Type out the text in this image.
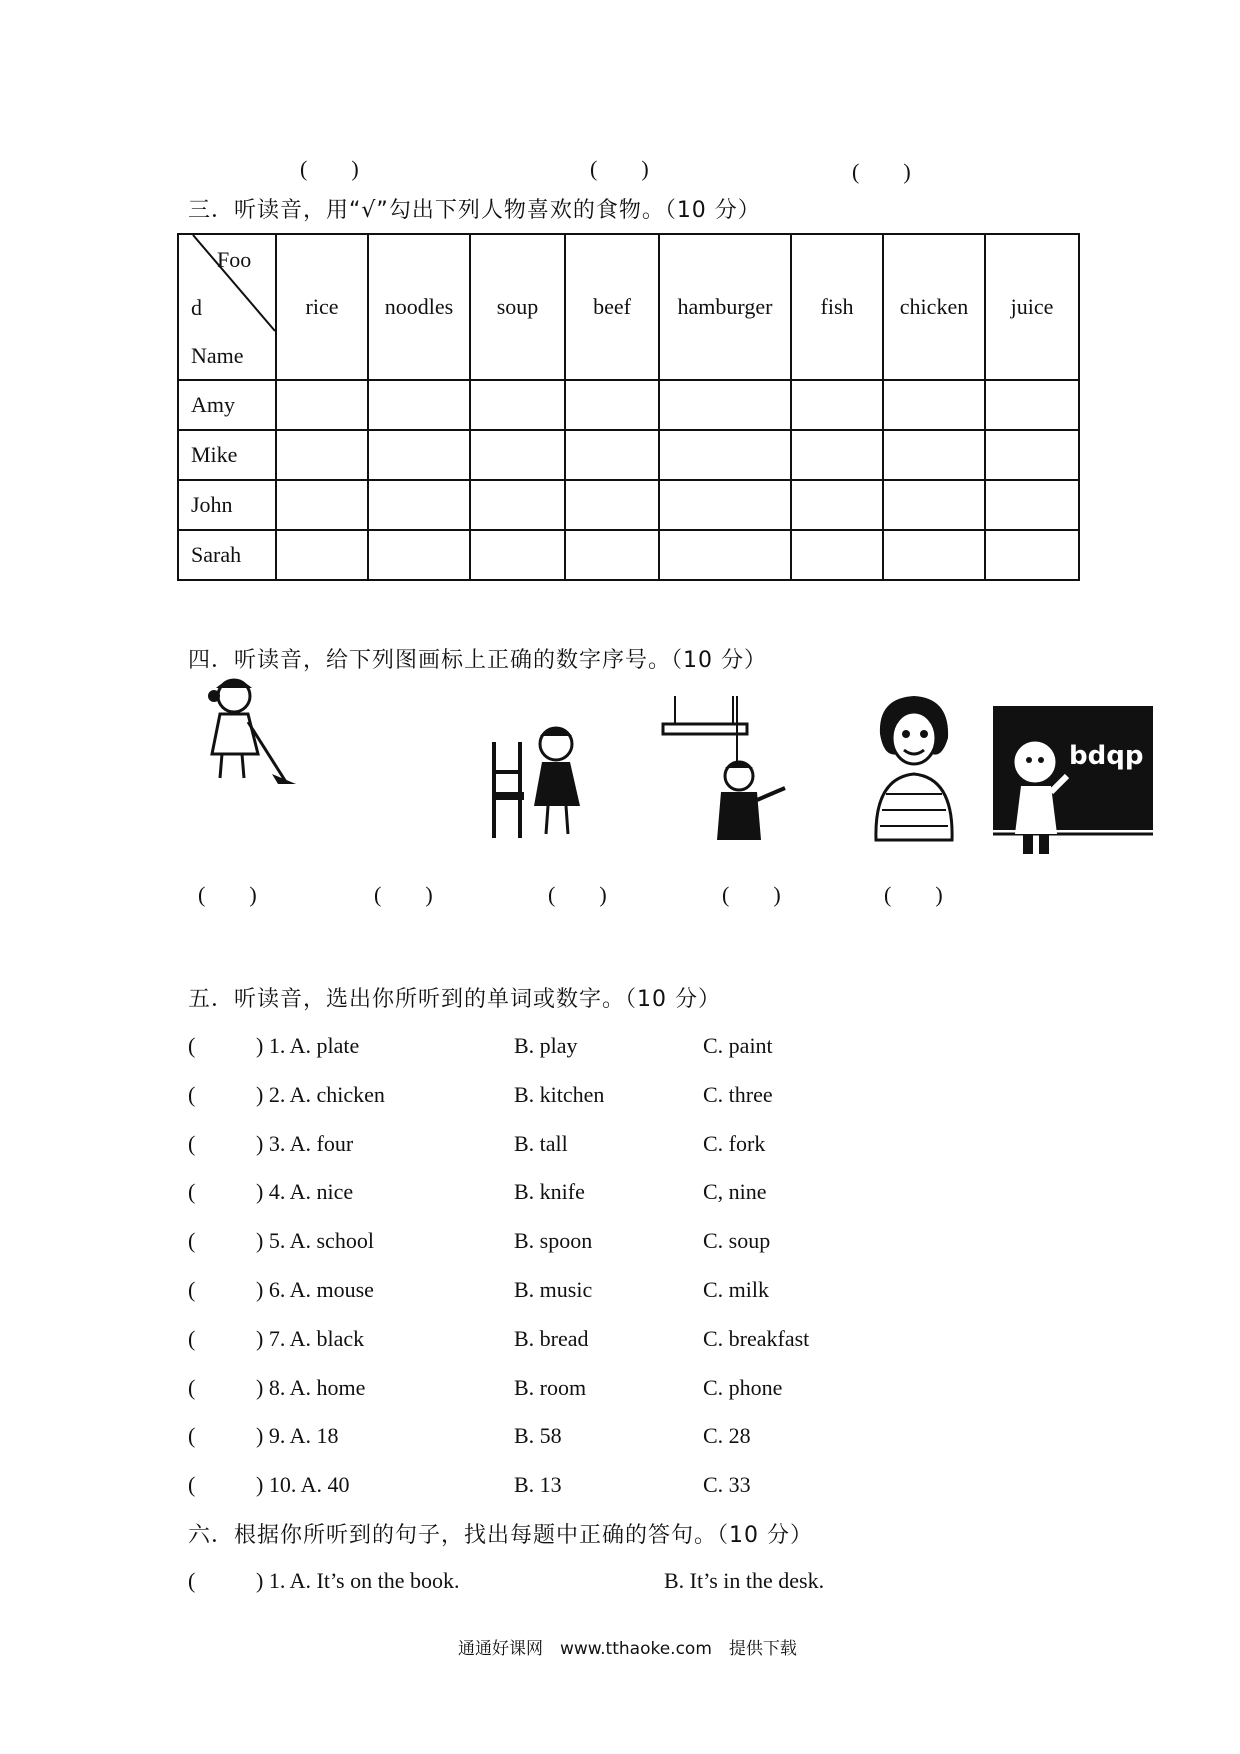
(　　)	(　　)	(　　)
三．听读音，用“√”勾出下列人物喜欢的食物。（10 分）
Foo
d
Name	rice	noodles	soup	beef	hamburger	fish	chicken	juice
Amy								
Mike								
John								
Sarah								
四．听读音，给下列图画标上正确的数字序号。（10 分）
bdqp
(　　)	(　　)	(　　)	(　　)	(　　)
五．听读音，选出你所听到的单词或数字。（10 分）
(	) 1. A. plate	B. play	C. paint
(	) 2. A. chicken	B. kitchen	C. three
(	) 3. A. four	B. tall	C. fork
(	) 4. A. nice	B. knife	C, nine
(	) 5. A. school	B. spoon	C. soup
(	) 6. A. mouse	B. music	C. milk
(	) 7. A. black	B. bread	C. breakfast
(	) 8. A. home	B. room	C. phone
(	) 9. A. 18	B. 58	C. 28
(	) 10. A. 40	B. 13	C. 33
六．根据你所听到的句子，找出每题中正确的答句。（10 分）
(	) 1. A. It’s on the book.	B. It’s in the desk.
通通好课网　www.tthaoke.com　提供下载
